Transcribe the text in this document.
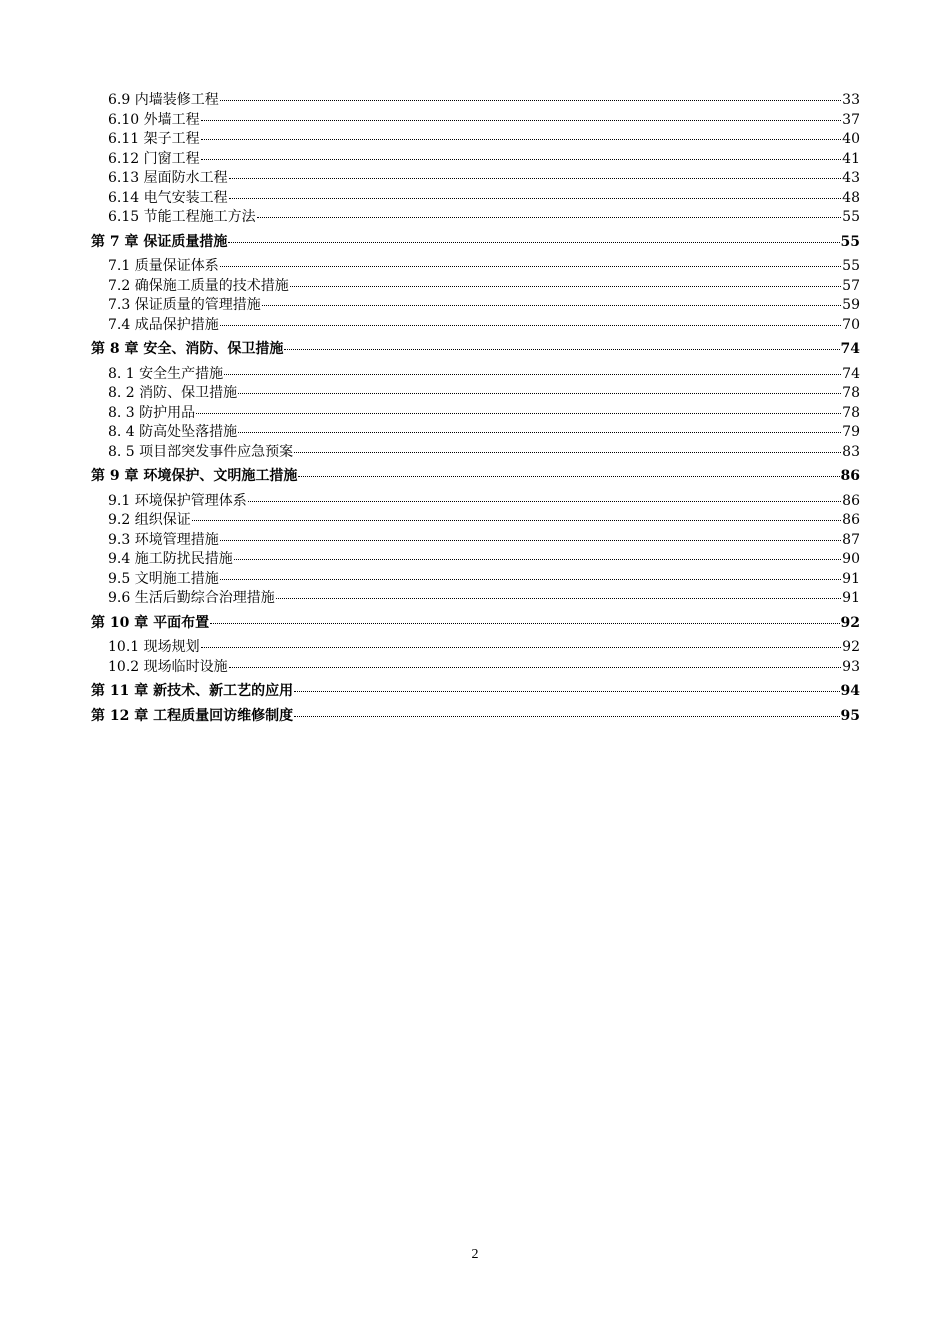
6.9 内墙装修工程	33
6.10 外墙工程	37
6.11 架子工程	40
6.12 门窗工程	41
6.13 屋面防水工程	43
6.14 电气安装工程	48
6.15 节能工程施工方法	55
第 7 章 保证质量措施	55
7.1 质量保证体系	55
7.2 确保施工质量的技术措施	57
7.3 保证质量的管理措施	59
7.4 成品保护措施	70
第 8 章 安全、消防、保卫措施	74
8. 1 安全生产措施	74
8. 2 消防、保卫措施	78
8. 3 防护用品	78
8. 4 防高处坠落措施	79
8. 5 项目部突发事件应急预案	83
第 9 章 环境保护、文明施工措施	86
9.1 环境保护管理体系	86
9.2 组织保证	86
9.3 环境管理措施	87
9.4 施工防扰民措施	90
9.5 文明施工措施	91
9.6 生活后勤综合治理措施	91
第 10 章 平面布置	92
10.1 现场规划	92
10.2 现场临时设施	93
第 11 章 新技术、新工艺的应用	94
第 12 章 工程质量回访维修制度	95
2
